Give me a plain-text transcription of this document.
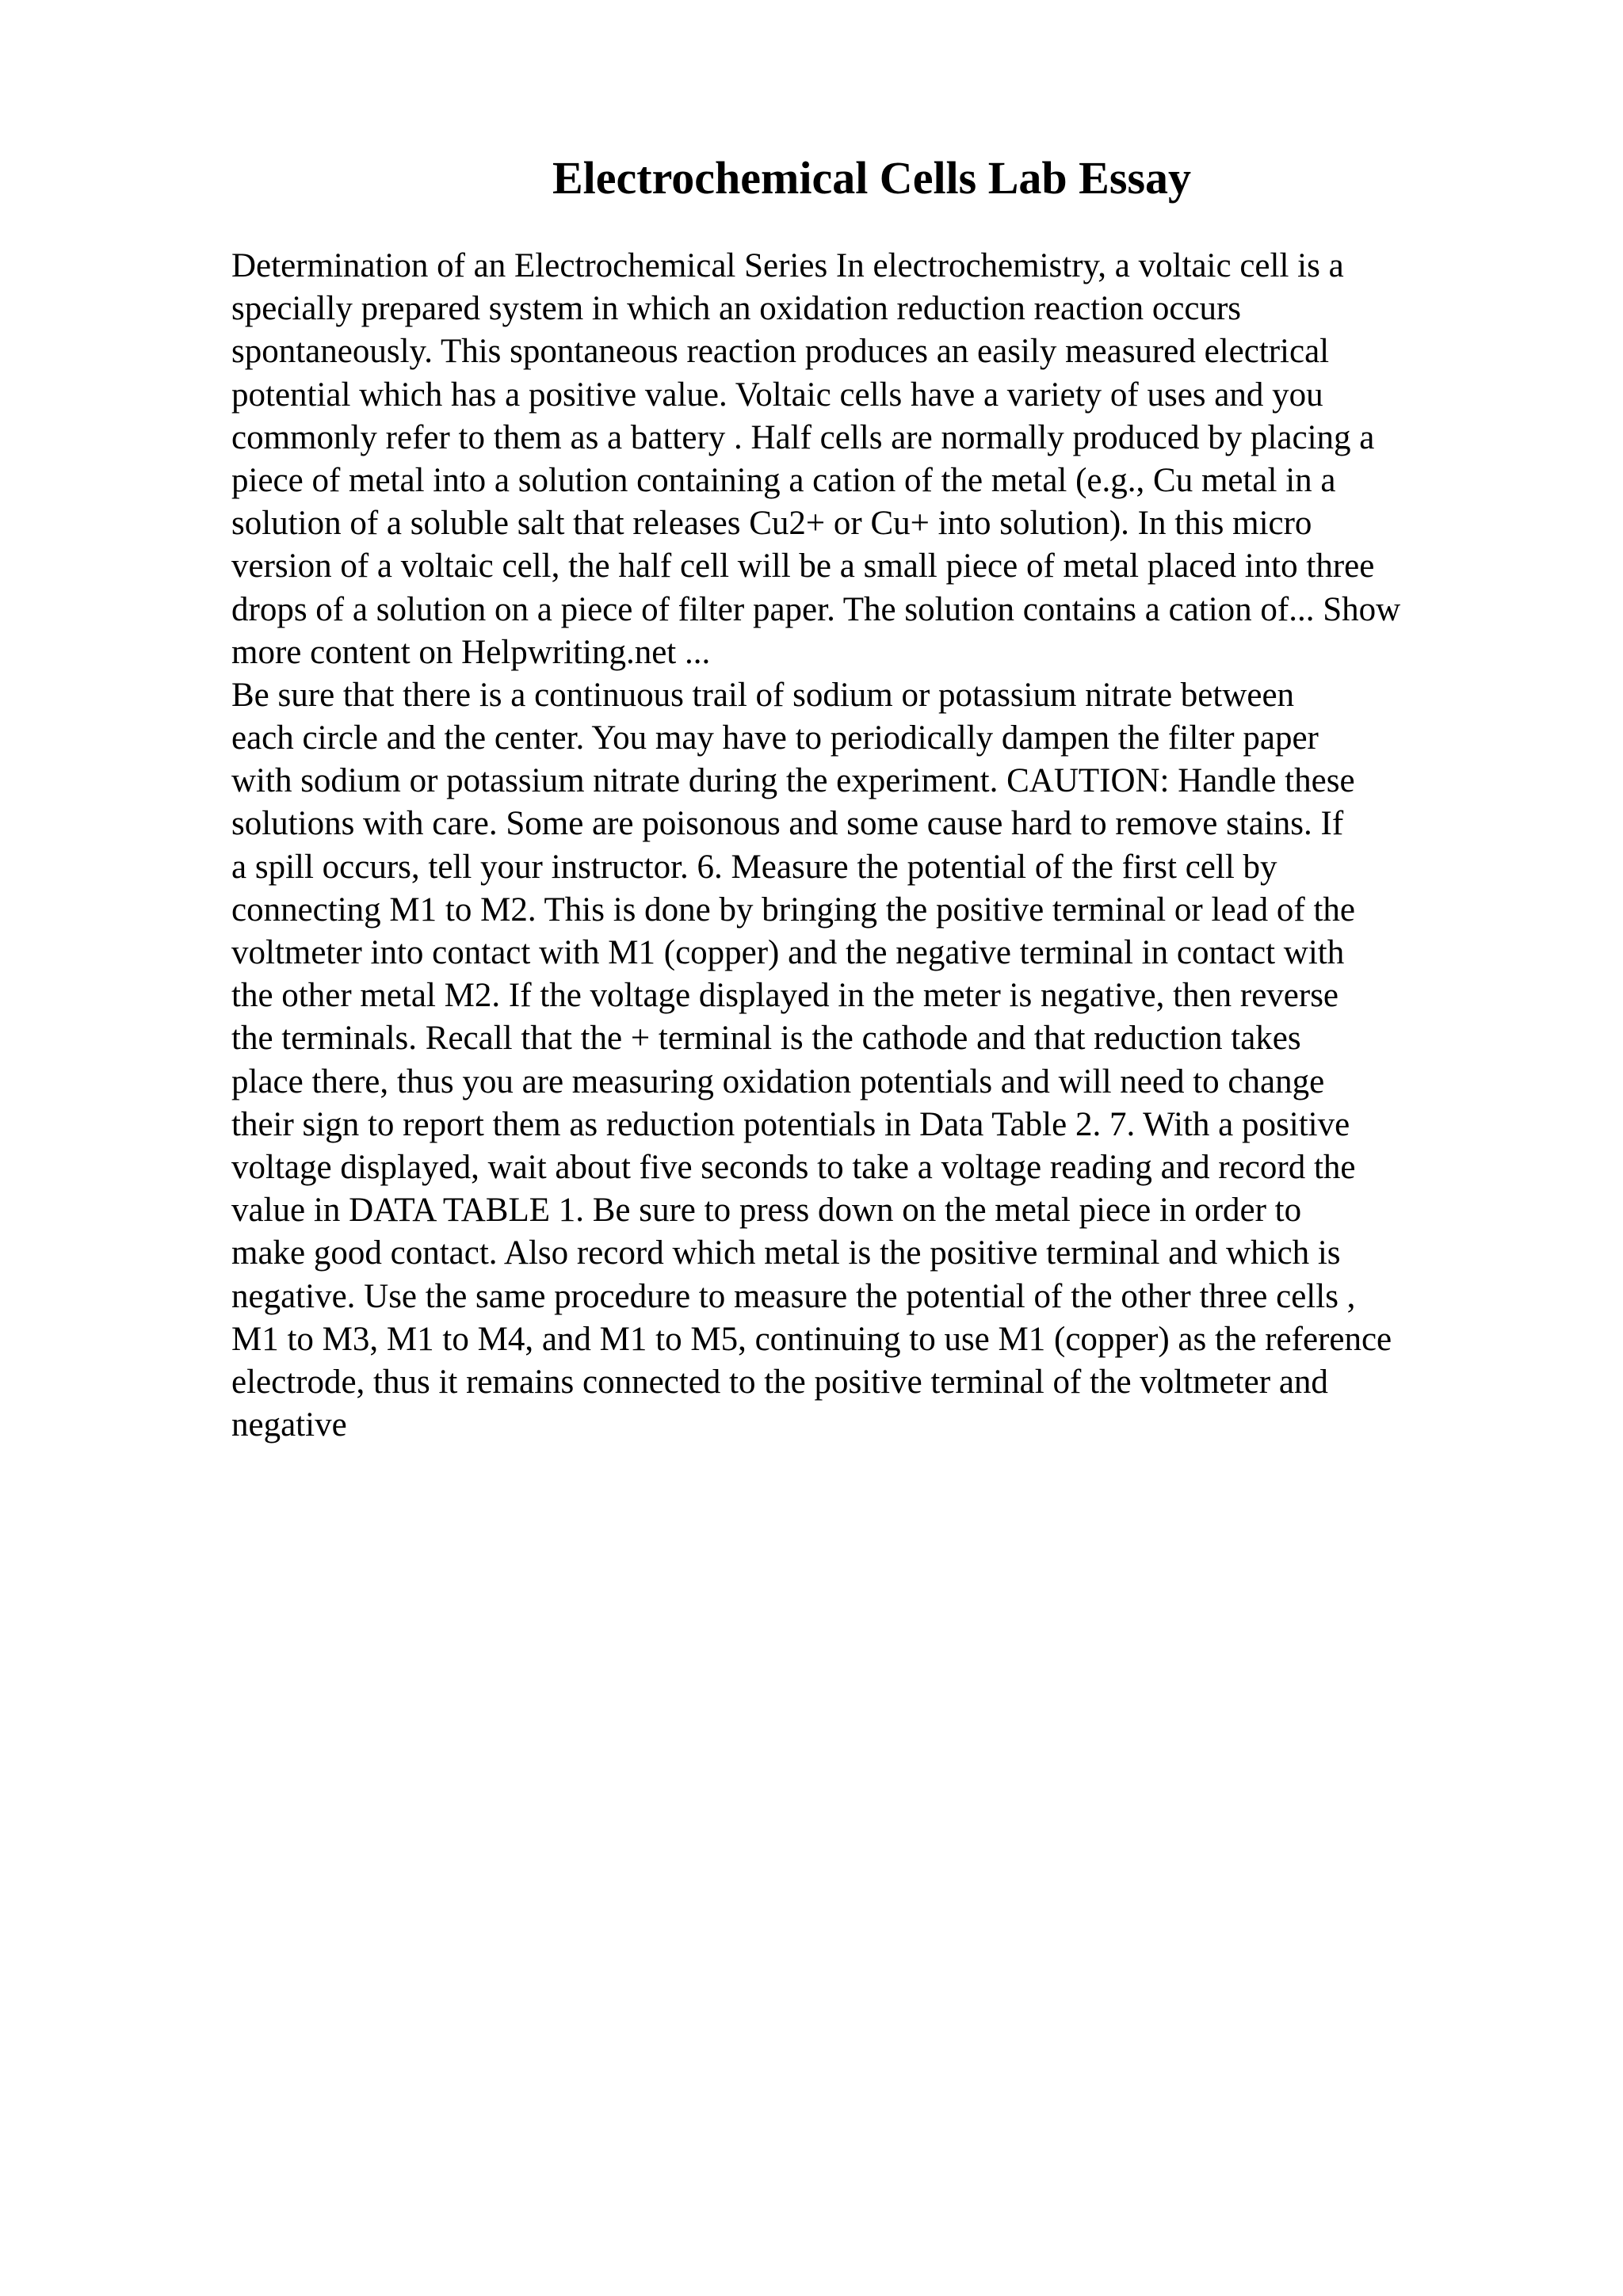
Electrochemical Cells Lab Essay
Determination of an Electrochemical Series In electrochemistry, a voltaic cell is a
specially prepared system in which an oxidation reduction reaction occurs
spontaneously. This spontaneous reaction produces an easily measured electrical
potential which has a positive value. Voltaic cells have a variety of uses and you
commonly refer to them as a battery . Half cells are normally produced by placing a
piece of metal into a solution containing a cation of the metal (e.g., Cu metal in a
solution of a soluble salt that releases Cu2+ or Cu+ into solution). In this micro
version of a voltaic cell, the half cell will be a small piece of metal placed into three
drops of a solution on a piece of filter paper. The solution contains a cation of... Show
more content on Helpwriting.net ...
Be sure that there is a continuous trail of sodium or potassium nitrate between
each circle and the center. You may have to periodically dampen the filter paper
with sodium or potassium nitrate during the experiment. CAUTION: Handle these
solutions with care. Some are poisonous and some cause hard to remove stains. If
a spill occurs, tell your instructor. 6. Measure the potential of the first cell by
connecting M1 to M2. This is done by bringing the positive terminal or lead of the
voltmeter into contact with M1 (copper) and the negative terminal in contact with
the other metal M2. If the voltage displayed in the meter is negative, then reverse
the terminals. Recall that the + terminal is the cathode and that reduction takes
place there, thus you are measuring oxidation potentials and will need to change
their sign to report them as reduction potentials in Data Table 2. 7. With a positive
voltage displayed, wait about five seconds to take a voltage reading and record the
value in DATA TABLE 1. Be sure to press down on the metal piece in order to
make good contact. Also record which metal is the positive terminal and which is
negative. Use the same procedure to measure the potential of the other three cells ,
M1 to M3, M1 to M4, and M1 to M5, continuing to use M1 (copper) as the reference
electrode, thus it remains connected to the positive terminal of the voltmeter and
negative
